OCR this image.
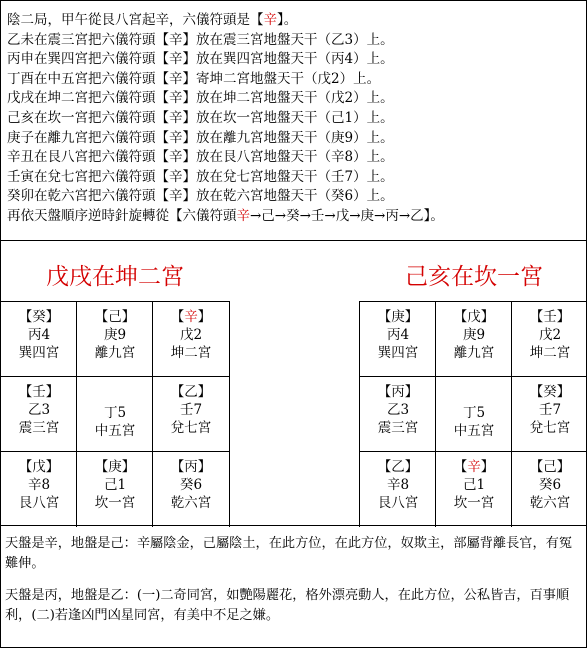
陰二局，甲午從艮八宮起辛，六儀符頭是【辛】。
乙未在震三宮把六儀符頭【辛】放在震三宮地盤天干（乙3）上。
丙申在巽四宮把六儀符頭【辛】放在巽四宮地盤天干（丙4）上。
丁酉在中五宮把六儀符頭【辛】寄坤二宮地盤天干（戊2）上。
戊戌在坤二宮把六儀符頭【辛】放在坤二宮地盤天干（戊2）上。
己亥在坎一宮把六儀符頭【辛】放在坎一宮地盤天干（己1）上。
庚子在離九宮把六儀符頭【辛】放在離九宮地盤天干（庚9）上。
辛丑在艮八宮把六儀符頭【辛】放在艮八宮地盤天干（辛8）上。
壬寅在兌七宮把六儀符頭【辛】放在兌七宮地盤天干（壬7）上。
癸卯在乾六宮把六儀符頭【辛】放在乾六宮地盤天干（癸6）上。
再依天盤順序逆時針旋轉從【六儀符頭辛→己→癸→壬→戊→庚→丙→乙】。
戊戌在坤二宮
【癸】
丙4
巽四宮
【己】
庚9
離九宮
【辛】
戊2
坤二宮
【壬】
乙3
震三宮
丁5
中五宮
【乙】
壬7
兌七宮
【戊】
辛8
艮八宮
【庚】
己1
坎一宮
【丙】
癸6
乾六宮
己亥在坎一宮
【庚】
丙4
巽四宮
【戊】
庚9
離九宮
【壬】
戊2
坤二宮
【丙】
乙3
震三宮
丁5
中五宮
【癸】
壬7
兌七宮
【乙】
辛8
艮八宮
【辛】
己1
坎一宮
【己】
癸6
乾六宮

天盤是辛，地盤是己：辛屬陰金，己屬陰土，在此方位，在此方位，奴欺主，部屬背離長官，有冤難伸。

天盤是丙，地盤是乙：(一)二奇同宮，如艷陽麗花，格外漂亮動人，在此方位，公私皆吉，百事順利，(二)若逢凶門凶星同宮，有美中不足之嫌。
